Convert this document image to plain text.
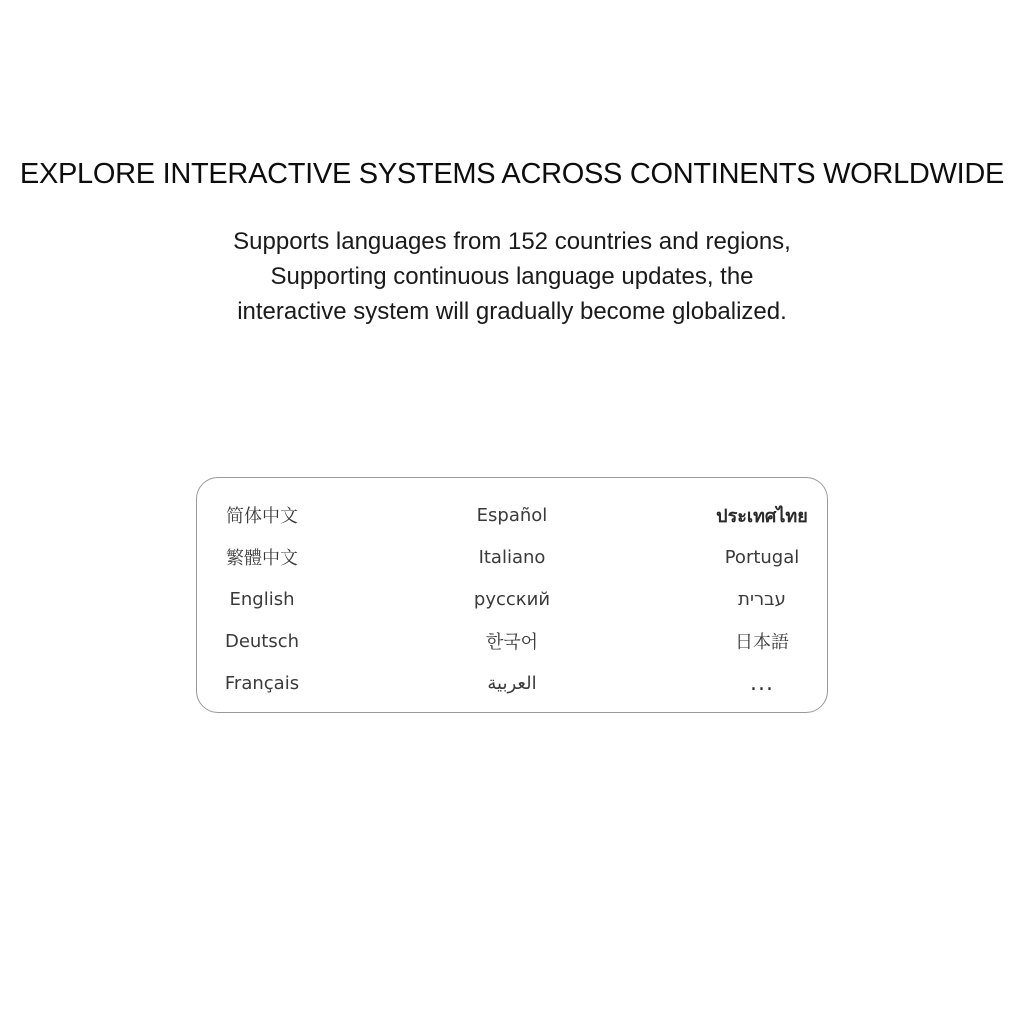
EXPLORE INTERACTIVE SYSTEMS ACROSS CONTINENTS WORLDWIDE
Supports languages from 152 countries and regions,
Supporting continuous language updates, the
interactive system will gradually become globalized.
简体中文	Español	ประเทศไทย
繁體中文	Italiano	Portugal
English	русский	עברית
Deutsch	한국어	日本語
Français	العربية	...
